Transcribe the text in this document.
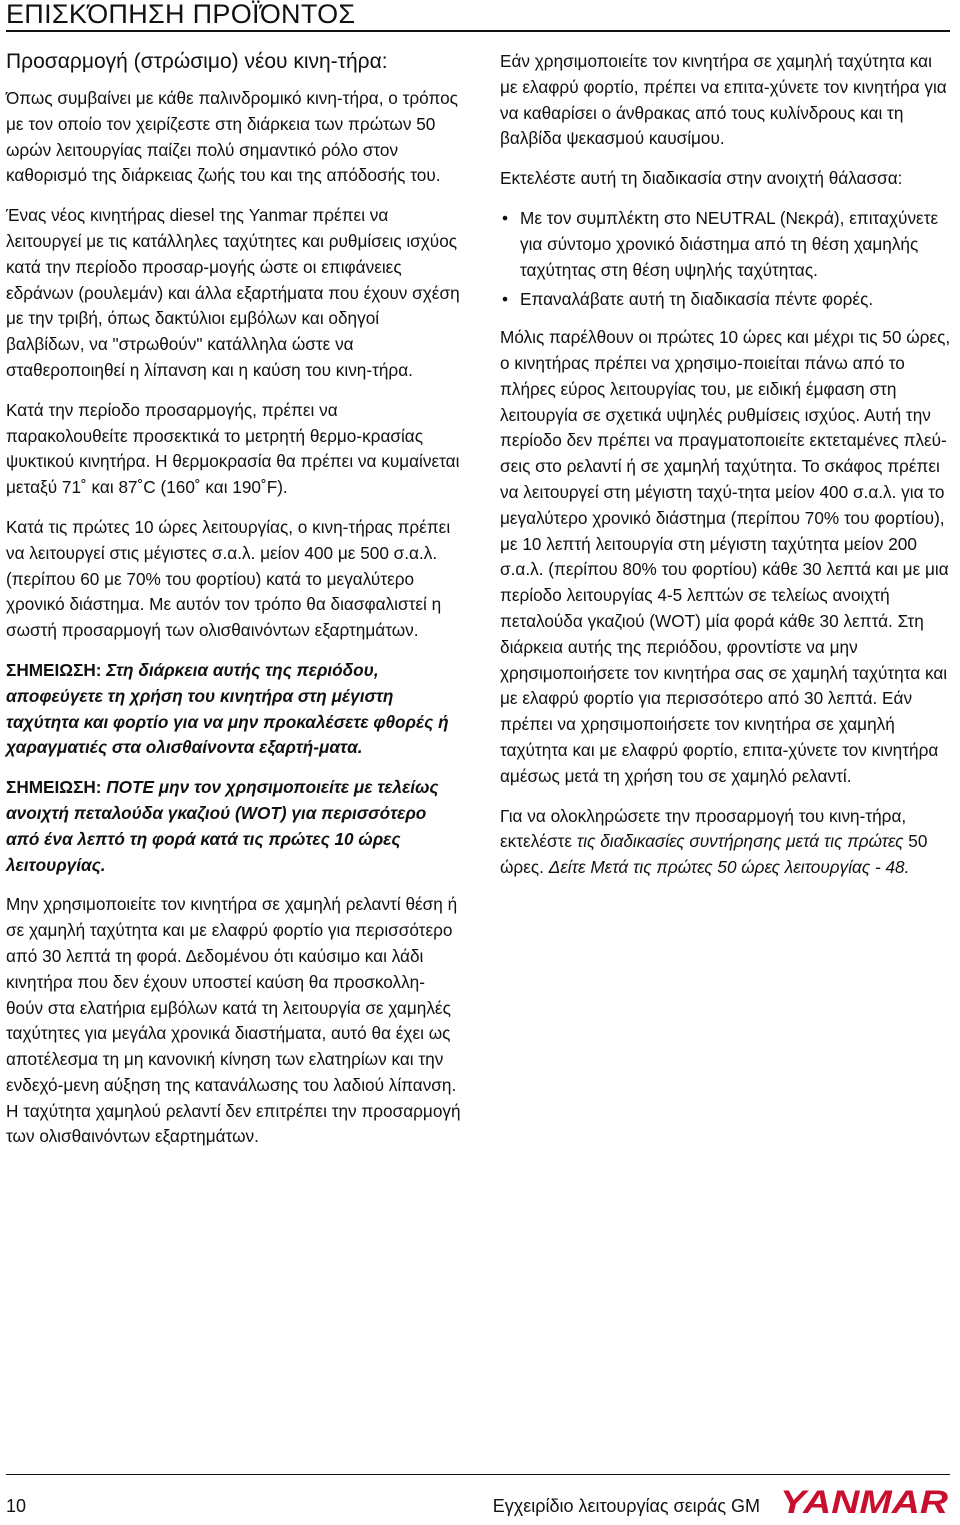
ΕΠΙΣΚΌΠΗΣΗ ΠΡΟΪΌΝΤΟΣ
Προσαρμογή (στρώσιμο) νέου κινη-τήρα:

Όπως συμβαίνει με κάθε παλινδρομικό κινη-τήρα, ο τρόπος με τον οποίο τον χειρίζεστε στη διάρκεια των πρώτων 50 ωρών λειτουργίας παίζει πολύ σημαντικό ρόλο στον καθορισμό της διάρκειας ζωής του και της απόδοσής του.

Ένας νέος κινητήρας diesel της Yanmar πρέπει να λειτουργεί με τις κατάλληλες ταχύτητες και ρυθμίσεις ισχύος κατά την περίοδο προσαρ-μογής ώστε οι επιφάνειες εδράνων (ρουλεμάν) και άλλα εξαρτήματα που έχουν σχέση με την τριβή, όπως δακτύλιοι εμβόλων και οδηγοί βαλβίδων, να "στρωθούν" κατάλληλα ώστε να σταθεροποιηθεί η λίπανση και η καύση του κινη-τήρα.

Κατά την περίοδο προσαρμογής, πρέπει να παρακολουθείτε προσεκτικά το μετρητή θερμο-κρασίας ψυκτικού κινητήρα. Η θερμοκρασία θα πρέπει να κυμαίνεται μεταξύ 71˚ και 87˚C (160˚ και 190˚F).

Κατά τις πρώτες 10 ώρες λειτουργίας, ο κινη-τήρας πρέπει να λειτουργεί στις μέγιστες σ.α.λ. μείον 400 με 500 σ.α.λ. (περίπου 60 με 70% του φορτίου) κατά το μεγαλύτερο χρονικό διάστημα. Με αυτόν τον τρόπο θα διασφαλιστεί η σωστή προσαρμογή των ολισθαινόντων εξαρτημάτων.

ΣΗΜΕΙΩΣΗ: Στη διάρκεια αυτής της περιόδου, αποφεύγετε τη χρήση του κινητήρα στη μέγιστη ταχύτητα και φορτίο για να μην προκαλέσετε φθορές ή χαραγματιές στα ολισθαίνοντα εξαρτή-ματα.

ΣΗΜΕΙΩΣΗ: ΠΟΤΕ μην τον χρησιμοποιείτε με τελείως ανοιχτή πεταλούδα γκαζιού (WOT) για περισσότερο από ένα λεπτό τη φορά κατά τις πρώτες 10 ώρες λειτουργίας.

Μην χρησιμοποιείτε τον κινητήρα σε χαμηλή ρελαντί θέση ή σε χαμηλή ταχύτητα και με ελαφρύ φορτίο για περισσότερο από 30 λεπτά τη φορά. Δεδομένου ότι καύσιμο και λάδι κινητήρα που δεν έχουν υποστεί καύση θα προσκολλη-θούν στα ελατήρια εμβόλων κατά τη λειτουργία σε χαμηλές ταχύτητες για μεγάλα χρονικά διαστήματα, αυτό θα έχει ως αποτέλεσμα τη μη κανονική κίνηση των ελατηρίων και την ενδεχό-μενη αύξηση της κατανάλωσης του λαδιού λίπανση. Η ταχύτητα χαμηλού ρελαντί δεν επιτρέπει την προσαρμογή των ολισθαινόντων εξαρτημάτων.

Εάν χρησιμοποιείτε τον κινητήρα σε χαμηλή ταχύτητα και με ελαφρύ φορτίο, πρέπει να επιτα-χύνετε τον κινητήρα για να καθαρίσει ο άνθρακας από τους κυλίνδρους και τη βαλβίδα ψεκασμού καυσίμου.

Εκτελέστε αυτή τη διαδικασία στην ανοιχτή θάλασσα:

• Με τον συμπλέκτη στο NEUTRAL (Νεκρά), επιταχύνετε για σύντομο χρονικό διάστημα από τη θέση χαμηλής ταχύτητας στη θέση υψηλής ταχύτητας.
• Επαναλάβατε αυτή τη διαδικασία πέντε φορές.

Μόλις παρέλθουν οι πρώτες 10 ώρες και μέχρι τις 50 ώρες, ο κινητήρας πρέπει να χρησιμο-ποιείται πάνω από το πλήρες εύρος λειτουργίας του, με ειδική έμφαση στη λειτουργία σε σχετικά υψηλές ρυθμίσεις ισχύος. Αυτή την περίοδο δεν πρέπει να πραγματοποιείτε εκτεταμένες πλεύ-σεις στο ρελαντί ή σε χαμηλή ταχύτητα. Το σκάφος πρέπει να λειτουργεί στη μέγιστη ταχύ-τητα μείον 400 σ.α.λ. για το μεγαλύτερο χρονικό διάστημα (περίπου 70% του φορτίου), με 10 λεπτή λειτουργία στη μέγιστη ταχύτητα μείον 200 σ.α.λ. (περίπου 80% του φορτίου) κάθε 30 λεπτά και με μια περίοδο λειτουργίας 4-5 λεπτών σε τελείως ανοιχτή πεταλούδα γκαζιού (WOT) μία φορά κάθε 30 λεπτά. Στη διάρκεια αυτής της περιόδου, φροντίστε να μην χρησιμοποιήσετε τον κινητήρα σας σε χαμηλή ταχύτητα και με ελαφρύ φορτίο για περισσότερο από 30 λεπτά. Εάν πρέπει να χρησιμοποιήσετε τον κινητήρα σε χαμηλή ταχύτητα και με ελαφρύ φορτίο, επιτα-χύνετε τον κινητήρα αμέσως μετά τη χρήση του σε χαμηλό ρελαντί.

Για να ολοκληρώσετε την προσαρμογή του κινη-τήρα, εκτελέστε τις διαδικασίες συντήρησης μετά τις πρώτες 50 ώρες. Δείτε Μετά τις πρώτες 50 ώρες λειτουργίας - 48.

10	Εγχειρίδιο λειτουργίας σειράς GM YANMAR
